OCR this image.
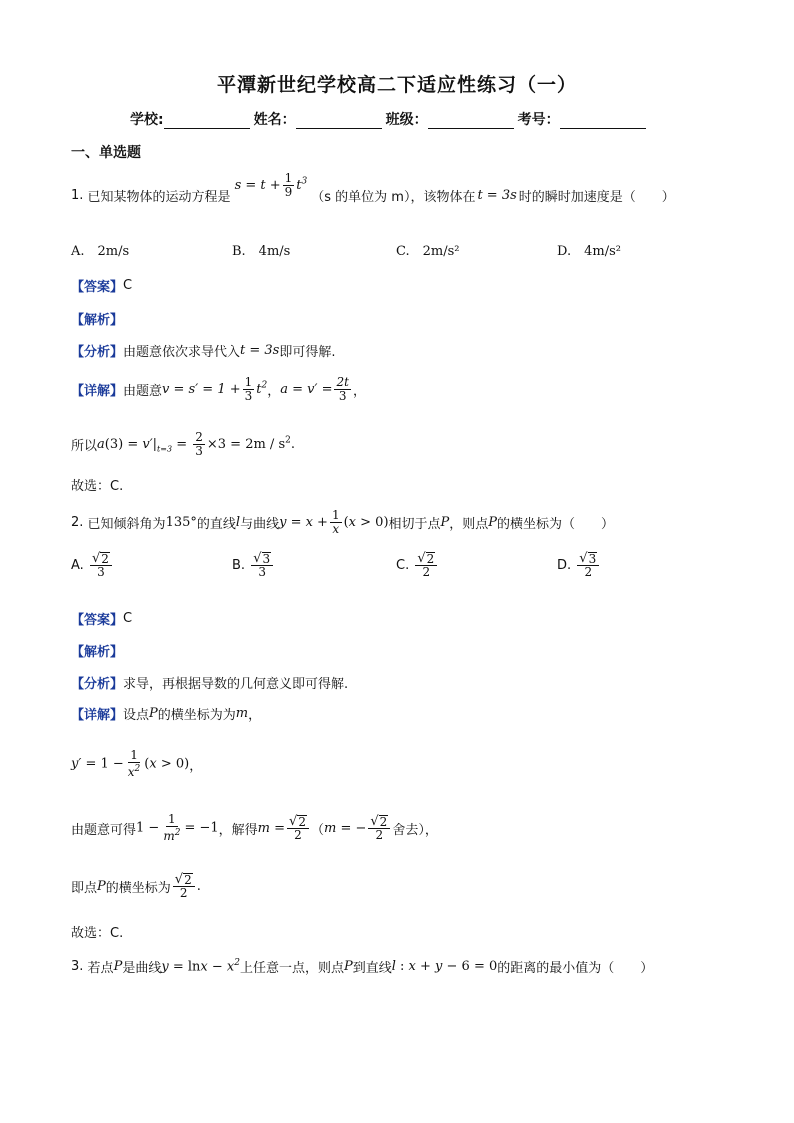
平潭新世纪学校高二下适应性练习（一）
学校:	姓名：	班级：	考号：
一、单选题
1.
已知某物体的运动方程是
$s = t + \frac{1}{9} t^3$
（s 的单位为 m），该物体在 t = 3s 时的瞬时加速度是（　　）
A.　2m/s	B.　4m/s	C.　2m/s²	D.　4m/s²
【答案】 C
【解析】
【分析】 由题意依次求导代入 t = 3s 即可得解.
【详解】 由题意 $v = s' = 1 + \frac{1}{3} t^2$ ， $a = v' = \frac{2t}{3}$ ，
所以 $a(3) = v'|_{t=3} = \frac{2}{3} \times 3 = 2m / s^2$.
故选：C.
2.
已知倾斜角为 135° 的直线 l 与曲线 $y = x + \frac{1}{x} (x > 0)$ 相切于点 P ，则点 P 的横坐标为（　　）
A.
$\frac{√ 2}{3}$	B.
$\frac{√ 3}{3}$	C.
$\frac{√ 2}{2}$	D.
$\frac{√ 3}{2}$
【答案】 C
【解析】
【分析】 求导，再根据导数的几何意义即可得解.
【详解】 设点 P 的横坐标为为 m ，
$y' = 1 - \frac{1}{x^2} (x > 0)$ ，
由题意可得 $1 - \frac{1}{m^2} = -1$ ，解得 $m = \frac{√ 2}{2}$ （ m = − $\frac{√ 2}{2}$ 舍去），
即点 P 的横坐标为 $\frac{√ 2}{2}$ .
故选：C.
3.
若点 P 是曲线 $y = \ln x - x^2$ 上任意一点，则点 P 到直线 l : x + y − 6 = 0 的距离的最小值为（　　）
